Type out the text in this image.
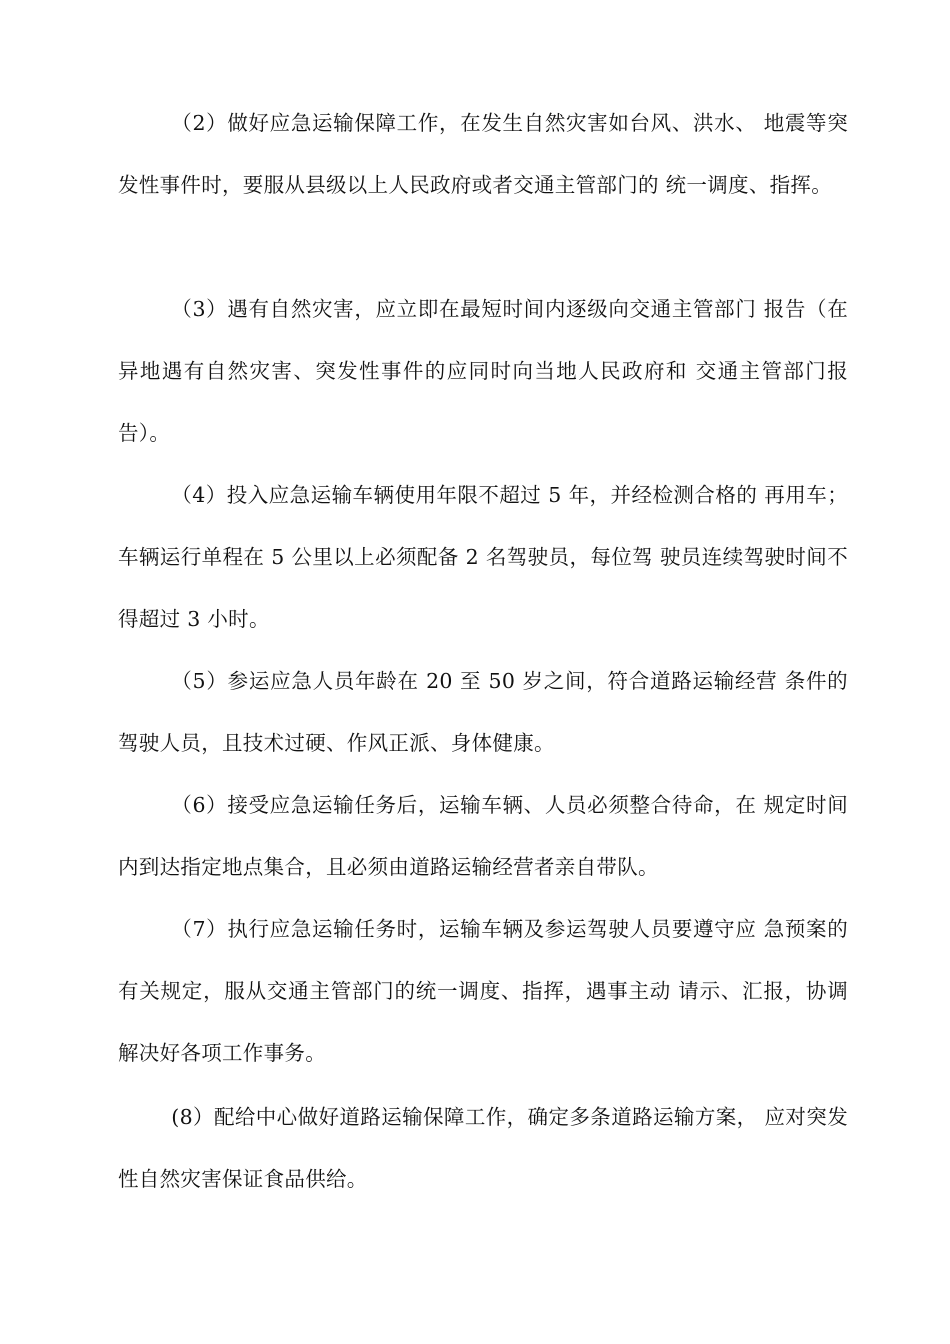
（2）做好应急运输保障工作，在发生自然灾害如台风、洪水、 地震等突发性事件时，要服从县级以上人民政府或者交通主管部门的 统一调度、指挥。

（3）遇有自然灾害，应立即在最短时间内逐级向交通主管部门 报告（在异地遇有自然灾害、突发性事件的应同时向当地人民政府和 交通主管部门报告）。

（4）投入应急运输车辆使用年限不超过 5 年，并经检测合格的 再用车；车辆运行单程在 5 公里以上必须配备 2 名驾驶员，每位驾 驶员连续驾驶时间不得超过 3 小时。

（5）参运应急人员年龄在 20 至 50 岁之间，符合道路运输经营 条件的驾驶人员，且技术过硬、作风正派、身体健康。

（6）接受应急运输任务后，运输车辆、人员必须整合待命，在 规定时间内到达指定地点集合，且必须由道路运输经营者亲自带队。

（7）执行应急运输任务时，运输车辆及参运驾驶人员要遵守应 急预案的有关规定，服从交通主管部门的统一调度、指挥，遇事主动 请示、汇报，协调解决好各项工作事务。

(8）配给中心做好道路运输保障工作，确定多条道路运输方案， 应对突发性自然灾害保证食品供给。
